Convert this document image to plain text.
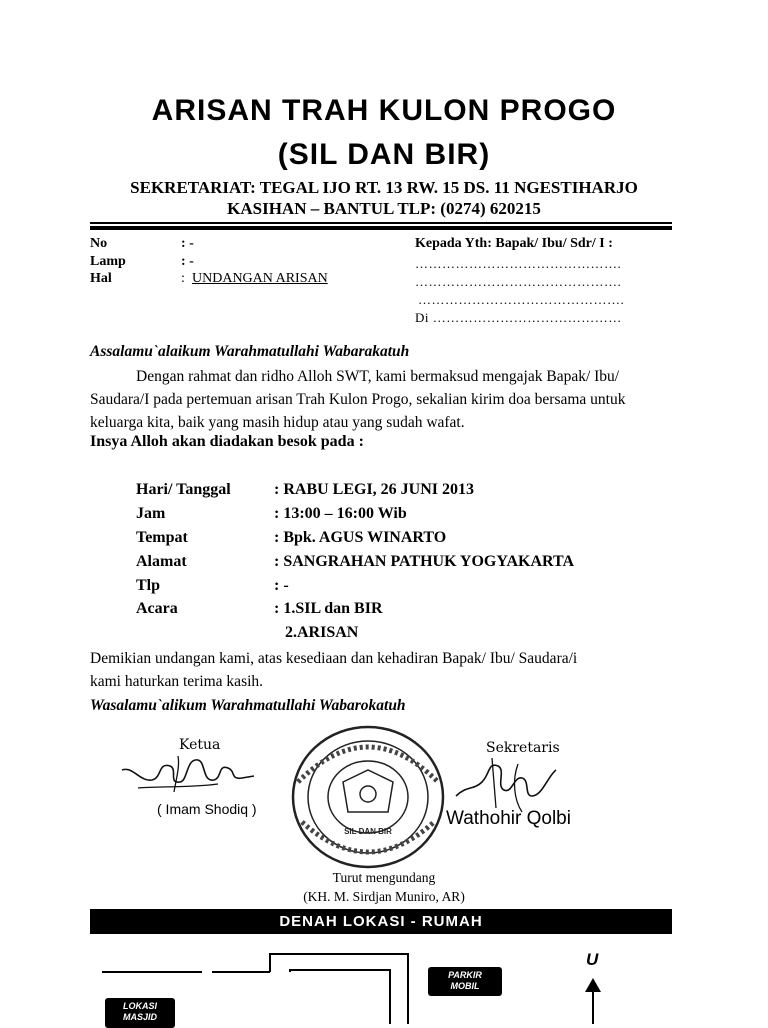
ARISAN TRAH KULON PROGO
(SIL DAN BIR)
SEKRETARIAT: TEGAL IJO RT. 13 RW. 15 DS. 11 NGESTIHARJO
KASIHAN – BANTUL TLP: (0274) 620215
No	: -
Lamp	: -
Hal	: UNDANGAN ARISAN
Kepada Yth: Bapak/ Ibu/ Sdr/ I :
……………………………………….
……………………………………….
……………………………………….
Di ……………………………………
Assalamu`alaikum Warahmatullahi Wabarakatuh
Dengan rahmat dan ridho Alloh SWT, kami bermaksud mengajak Bapak/ Ibu/
Saudara/I pada pertemuan arisan Trah Kulon Progo, sekalian kirim doa bersama untuk
keluarga kita, baik yang masih hidup atau yang sudah wafat.
Insya Alloh akan diadakan besok pada :
Hari/ Tanggal	: RABU LEGI, 26 JUNI 2013
Jam	: 13:00 – 16:00 Wib
Tempat	: Bpk. AGUS WINARTO
Alamat	: SANGRAHAN PATHUK YOGYAKARTA
Tlp	: -
Acara	: 1.SIL dan BIR
2.ARISAN
Demikian undangan kami, atas kesediaan dan kehadiran Bapak/ Ibu/ Saudara/i
kami haturkan terima kasih.
Wasalamu`alikum Warahmatullahi Wabarokatuh
Ketua
( Imam Shodiq )
SIL DAN BIR
Sekretaris
Wathohir Qolbi
Turut mengundang
(KH. M. Sirdjan Muniro, AR)
DENAH LOKASI - RUMAH
PARKIR
MOBIL
LOKASI
MASJID
U
